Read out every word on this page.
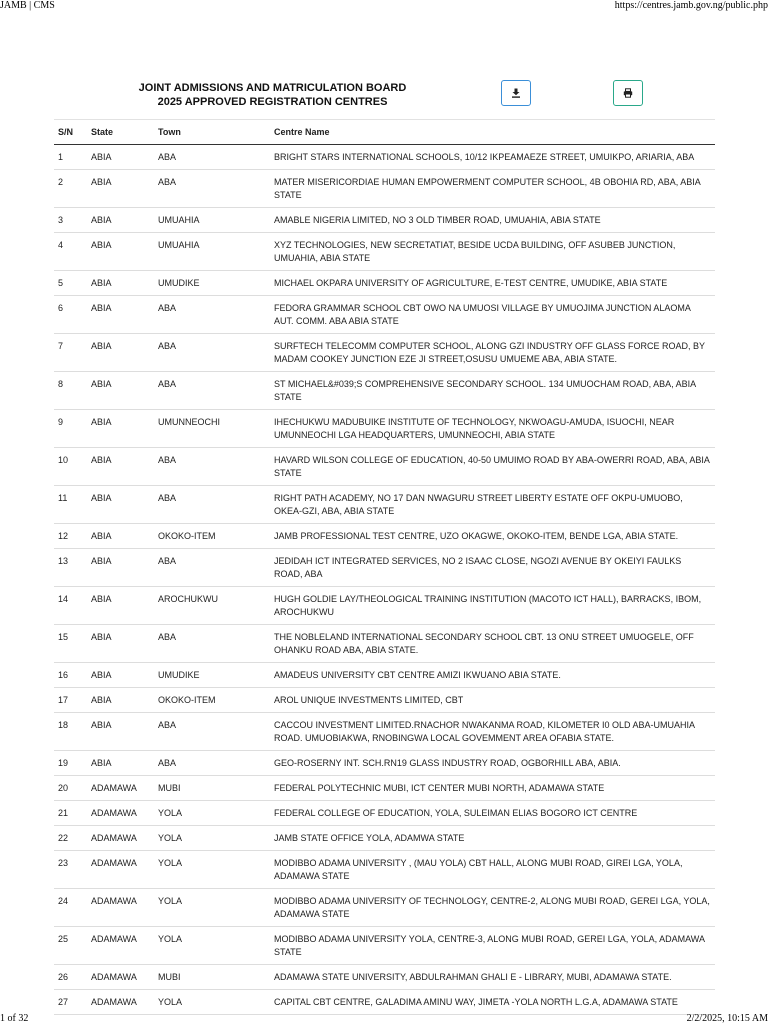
JAMB | CMS	https://centres.jamb.gov.ng/public.php
JOINT ADMISSIONS AND MATRICULATION BOARD
2025 APPROVED REGISTRATION CENTRES
S/N	State	Town	Centre Name
1	ABIA	ABA	BRIGHT STARS INTERNATIONAL SCHOOLS, 10/12 IKPEAMAEZE STREET, UMUIKPO, ARIARIA, ABA
2	ABIA	ABA	MATER MISERICORDIAE HUMAN EMPOWERMENT COMPUTER SCHOOL, 4B OBOHIA RD, ABA, ABIA STATE
3	ABIA	UMUAHIA	AMABLE NIGERIA LIMITED, NO 3 OLD TIMBER ROAD, UMUAHIA, ABIA STATE
4	ABIA	UMUAHIA	XYZ TECHNOLOGIES, NEW SECRETATIAT, BESIDE UCDA BUILDING, OFF ASUBEB JUNCTION, UMUAHIA, ABIA STATE
5	ABIA	UMUDIKE	MICHAEL OKPARA UNIVERSITY OF AGRICULTURE, E-TEST CENTRE, UMUDIKE, ABIA STATE
6	ABIA	ABA	FEDORA GRAMMAR SCHOOL CBT OWO NA UMUOSI VILLAGE BY UMUOJIMA JUNCTION ALAOMA AUT. COMM. ABA ABIA STATE
7	ABIA	ABA	SURFTECH TELECOMM COMPUTER SCHOOL, ALONG GZI INDUSTRY OFF GLASS FORCE ROAD, BY MADAM COOKEY JUNCTION EZE JI STREET,OSUSU UMUEME ABA, ABIA STATE.
8	ABIA	ABA	ST MICHAEL&#039;S COMPREHENSIVE SECONDARY SCHOOL. 134 UMUOCHAM ROAD, ABA, ABIA STATE
9	ABIA	UMUNNEOCHI	IHECHUKWU MADUBUIKE INSTITUTE OF TECHNOLOGY, NKWOAGU-AMUDA, ISUOCHI, NEAR UMUNNEOCHI LGA HEADQUARTERS, UMUNNEOCHI, ABIA STATE
10	ABIA	ABA	HAVARD WILSON COLLEGE OF EDUCATION, 40-50 UMUIMO ROAD BY ABA-OWERRI ROAD, ABA, ABIA STATE
11	ABIA	ABA	RIGHT PATH ACADEMY, NO 17 DAN NWAGURU STREET LIBERTY ESTATE OFF OKPU-UMUOBO, OKEA-GZI, ABA, ABIA STATE
12	ABIA	OKOKO-ITEM	JAMB PROFESSIONAL TEST CENTRE, UZO OKAGWE, OKOKO-ITEM, BENDE LGA, ABIA STATE.
13	ABIA	ABA	JEDIDAH ICT INTEGRATED SERVICES, NO 2 ISAAC CLOSE, NGOZI AVENUE BY OKEIYI FAULKS ROAD, ABA
14	ABIA	AROCHUKWU	HUGH GOLDIE LAY/THEOLOGICAL TRAINING INSTITUTION (MACOTO ICT HALL), BARRACKS, IBOM, AROCHUKWU
15	ABIA	ABA	THE NOBLELAND INTERNATIONAL SECONDARY SCHOOL CBT. 13 ONU STREET UMUOGELE, OFF OHANKU ROAD ABA, ABIA STATE.
16	ABIA	UMUDIKE	AMADEUS UNIVERSITY CBT CENTRE AMIZI IKWUANO ABIA STATE.
17	ABIA	OKOKO-ITEM	AROL UNIQUE INVESTMENTS LIMITED, CBT
18	ABIA	ABA	CACCOU INVESTMENT LIMITED.RNACHOR NWAKANMA ROAD, KILOMETER I0 OLD ABA-UMUAHIA ROAD. UMUOBIAKWA, RNOBINGWA LOCAL GOVEMMENT AREA OFABIA STATE.
19	ABIA	ABA	GEO-ROSERNY INT. SCH.RN19 GLASS INDUSTRY ROAD, OGBORHILL ABA, ABIA.
20	ADAMAWA	MUBI	FEDERAL POLYTECHNIC MUBI, ICT CENTER MUBI NORTH, ADAMAWA STATE
21	ADAMAWA	YOLA	FEDERAL COLLEGE OF EDUCATION, YOLA, SULEIMAN ELIAS BOGORO ICT CENTRE
22	ADAMAWA	YOLA	JAMB STATE OFFICE YOLA, ADAMWA STATE
23	ADAMAWA	YOLA	MODIBBO ADAMA UNIVERSITY , (MAU YOLA) CBT HALL, ALONG MUBI ROAD, GIREI LGA, YOLA, ADAMAWA STATE
24	ADAMAWA	YOLA	MODIBBO ADAMA UNIVERSITY OF TECHNOLOGY, CENTRE-2, ALONG MUBI ROAD, GEREI LGA, YOLA, ADAMAWA STATE
25	ADAMAWA	YOLA	MODIBBO ADAMA UNIVERSITY YOLA, CENTRE-3, ALONG MUBI ROAD, GEREI LGA, YOLA, ADAMAWA STATE
26	ADAMAWA	MUBI	ADAMAWA STATE UNIVERSITY, ABDULRAHMAN GHALI E - LIBRARY, MUBI, ADAMAWA STATE.
27	ADAMAWA	YOLA	CAPITAL CBT CENTRE, GALADIMA AMINU WAY, JIMETA -YOLA NORTH L.G.A, ADAMAWA STATE
1 of 32	2/2/2025, 10:15 AM
